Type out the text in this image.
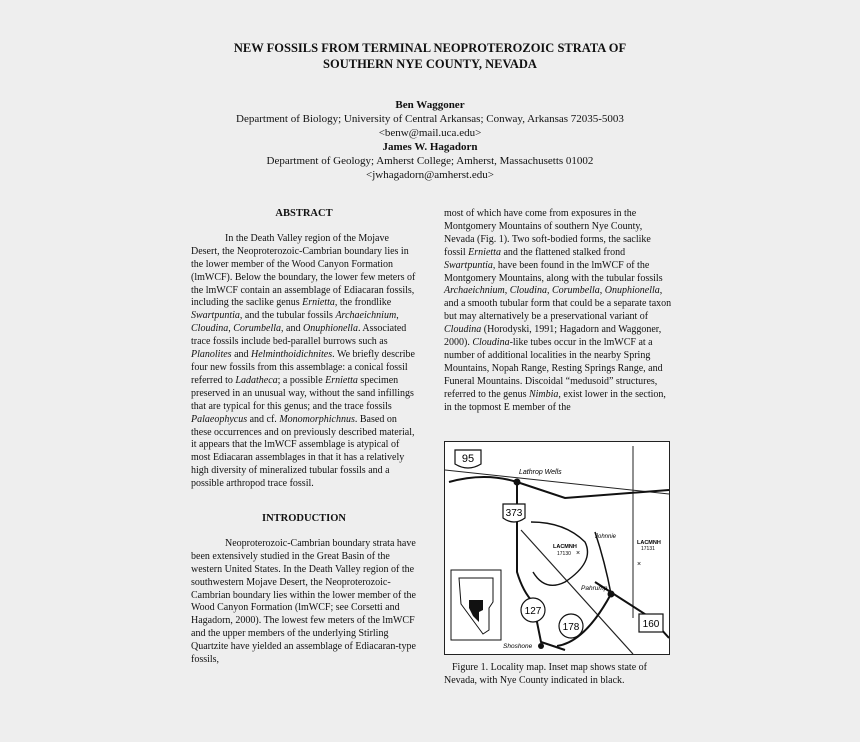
NEW FOSSILS FROM TERMINAL NEOPROTEROZOIC STRATA OF
SOUTHERN NYE COUNTY, NEVADA
Ben Waggoner
Department of Biology; University of Central Arkansas; Conway, Arkansas 72035-5003
<benw@mail.uca.edu>
James W. Hagadorn
Department of Geology; Amherst College; Amherst, Massachusetts 01002
<jwhagadorn@amherst.edu>
ABSTRACT

In the Death Valley region of the Mojave Desert, the Neoproterozoic-Cambrian boundary lies in the lower member of the Wood Canyon Formation (lmWCF). Below the boundary, the lower few meters of the lmWCF contain an assemblage of Ediacaran fossils, including the saclike genus Ernietta, the frondlike Swartpuntia, and the tubular fossils Archaeichnium, Cloudina, Corumbella, and Onuphionella. Associated trace fossils include bed-parallel burrows such as Planolites and Helminthoidichnites. We briefly describe four new fossils from this assemblage: a conical fossil referred to Ladatheca; a possible Ernietta specimen preserved in an unusual way, without the sand infillings that are typical for this genus; and the trace fossils Palaeophycus and cf. Monomorphichnus. Based on these occurrences and on previously described material, it appears that the lmWCF assemblage is atypical of most Ediacaran assemblages in that it has a relatively high diversity of mineralized tubular fossils and a possible arthropod trace fossil.

INTRODUCTION

Neoproterozoic-Cambrian boundary strata have been extensively studied in the Great Basin of the western United States. In the Death Valley region of the southwestern Mojave Desert, the Neoproterozoic-Cambrian boundary lies within the lower member of the Wood Canyon Formation (lmWCF; see Corsetti and Hagadorn, 2000). The lowest few meters of the lmWCF and the upper members of the underlying Stirling Quartzite have yielded an assemblage of Ediacaran-type fossils,

most of which have come from exposures in the Montgomery Mountains of southern Nye County, Nevada (Fig. 1). Two soft-bodied forms, the saclike fossil Ernietta and the flattened stalked frond Swartpuntia, have been found in the lmWCF of the Montgomery Mountains, along with the tubular fossils Archaeichnium, Cloudina, Corumbella, Onuphionella, and a smooth tubular form that could be a separate taxon but may alternatively be a preservational variant of Cloudina (Horodyski, 1991; Hagadorn and Waggoner, 2000). Cloudina-like tubes occur in the lmWCF at a number of additional localities in the nearby Spring Mountains, Nopah Range, Resting Springs Range, and Funeral Mountains. Discoidal “medusoid” structures, referred to the genus Nimbia, exist lower in the section, in the topmost E member of the

95
373
127
178	160
Lathrop Wells
Johnnie
Pahrump
Shoshone
LACMNH
17130 ×
LACMNH
17131
×
Figure 1. Locality map. Inset map shows state of Nevada, with Nye County indicated in black.
